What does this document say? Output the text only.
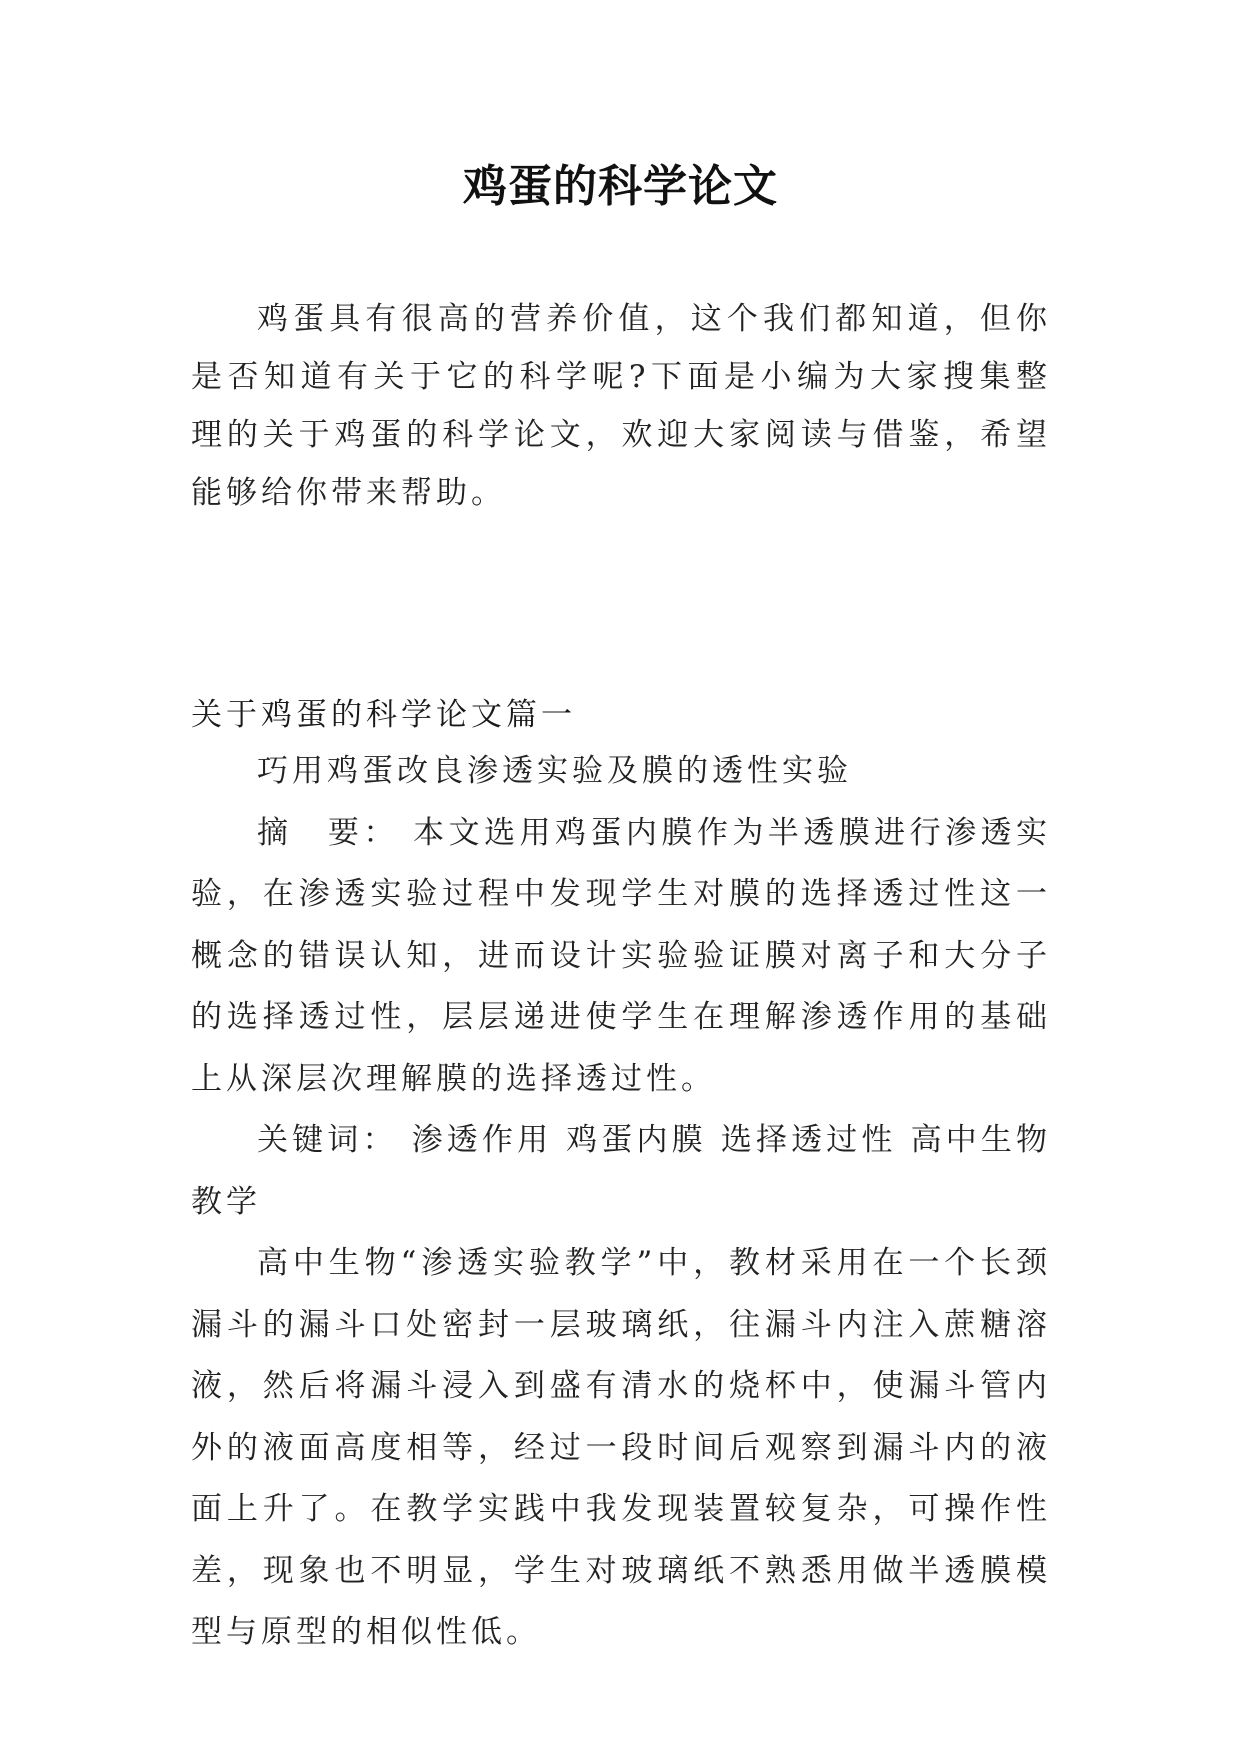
鸡蛋的科学论文
鸡蛋具有很高的营养价值，这个我们都知道，但你是否知道有关于它的科学呢?下面是小编为大家搜集整理的关于鸡蛋的科学论文，欢迎大家阅读与借鉴，希望能够给你带来帮助。
关于鸡蛋的科学论文篇一

巧用鸡蛋改良渗透实验及膜的透性实验

摘　要： 本文选用鸡蛋内膜作为半透膜进行渗透实验，在渗透实验过程中发现学生对膜的选择透过性这一概念的错误认知，进而设计实验验证膜对离子和大分子的选择透过性，层层递进使学生在理解渗透作用的基础上从深层次理解膜的选择透过性。

关键词： 渗透作用 鸡蛋内膜 选择透过性 高中生物教学

高中生物“渗透实验教学”中，教材采用在一个长颈漏斗的漏斗口处密封一层玻璃纸，往漏斗内注入蔗糖溶液，然后将漏斗浸入到盛有清水的烧杯中，使漏斗管内外的液面高度相等，经过一段时间后观察到漏斗内的液面上升了。在教学实践中我发现装置较复杂，可操作性差，现象也不明显，学生对玻璃纸不熟悉用做半透膜模型与原型的相似性低。
